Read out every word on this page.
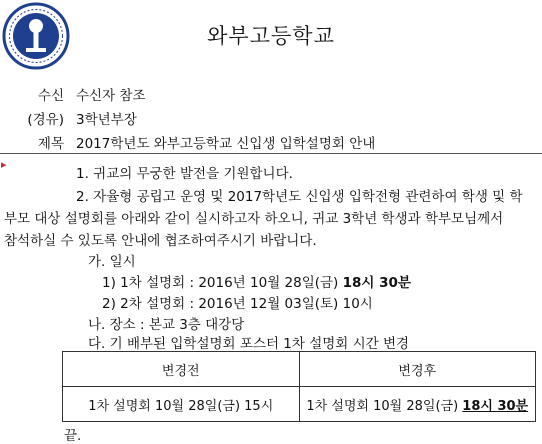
와부고등학교
수신 수신자 참조
(경유) 3학년부장
제목 2017학년도 와부고등학교 신입생 입학설명회 안내
▸
1. 귀교의 무궁한 발전을 기원합니다.
2. 자율형 공립고 운영 및 2017학년도 신입생 입학전형 관련하여 학생 및 학
부모 대상 설명회를 아래와 같이 실시하고자 하오니, 귀교 3학년 학생과 학부모님께서
참석하실 수 있도록 안내에 협조하여주시기 바랍니다.
가. 일시
1) 1차 설명회 : 2016년 10월 28일(금) 18시 30분
2) 2차 설명회 : 2016년 12월 03일(토) 10시
나. 장소 : 본교 3층 대강당
다. 기 배부된 입학설명회 포스터 1차 설명회 시간 변경
변경전	변경후
1차 설명회 10월 28일(금) 15시	1차 설명회 10월 28일(금) 18시 30분
끝.
